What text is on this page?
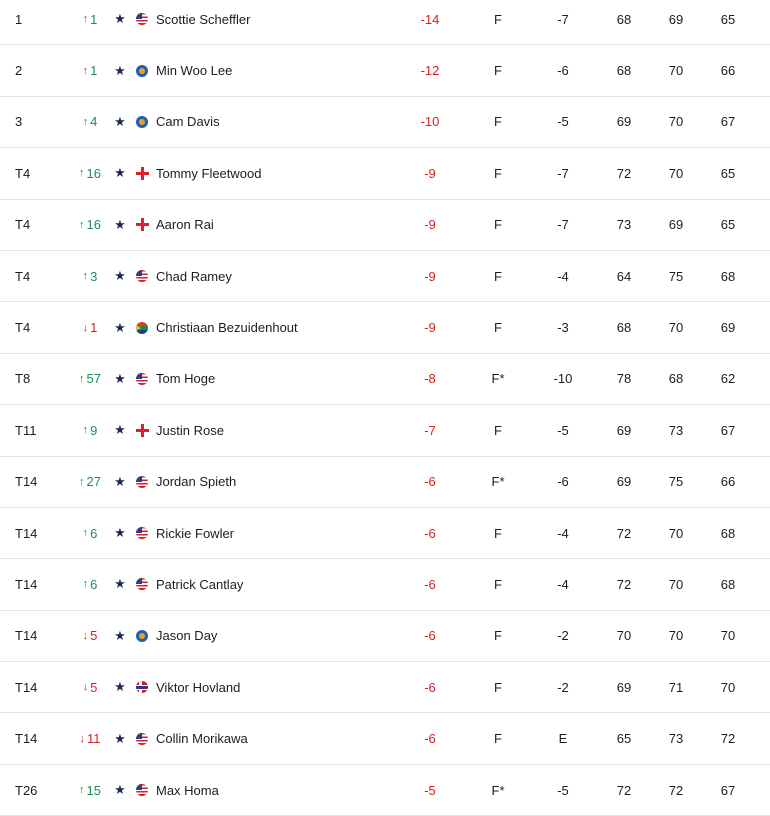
1	↑ 1 ★ Scottie Scheffler	-14	F	-7	68	69	65
2	↑ 1 ★ Min Woo Lee	-12	F	-6	68	70	66
3	↑ 4 ★ Cam Davis	-10	F	-5	69	70	67
T4	↑ 16 ★ Tommy Fleetwood	-9	F	-7	72	70	65
T4	↑ 16 ★ Aaron Rai	-9	F	-7	73	69	65
T4	↑ 3 ★ Chad Ramey	-9	F	-4	64	75	68
T4	↓ 1 ★ Christiaan Bezuidenhout	-9	F	-3	68	70	69
T8	↑ 57 ★ Tom Hoge	-8	F*	-10	78	68	62
T11	↑ 9 ★ Justin Rose	-7	F	-5	69	73	67
T14	↑ 27 ★ Jordan Spieth	-6	F*	-6	69	75	66
T14	↑ 6 ★ Rickie Fowler	-6	F	-4	72	70	68
T14	↑ 6 ★ Patrick Cantlay	-6	F	-4	72	70	68
T14	↓ 5 ★ Jason Day	-6	F	-2	70	70	70
T14	↓ 5 ★ Viktor Hovland	-6	F	-2	69	71	70
T14	↓ 11 ★ Collin Morikawa	-6	F	E	65	73	72
T26	↑ 15 ★ Max Homa	-5	F*	-5	72	72	67
